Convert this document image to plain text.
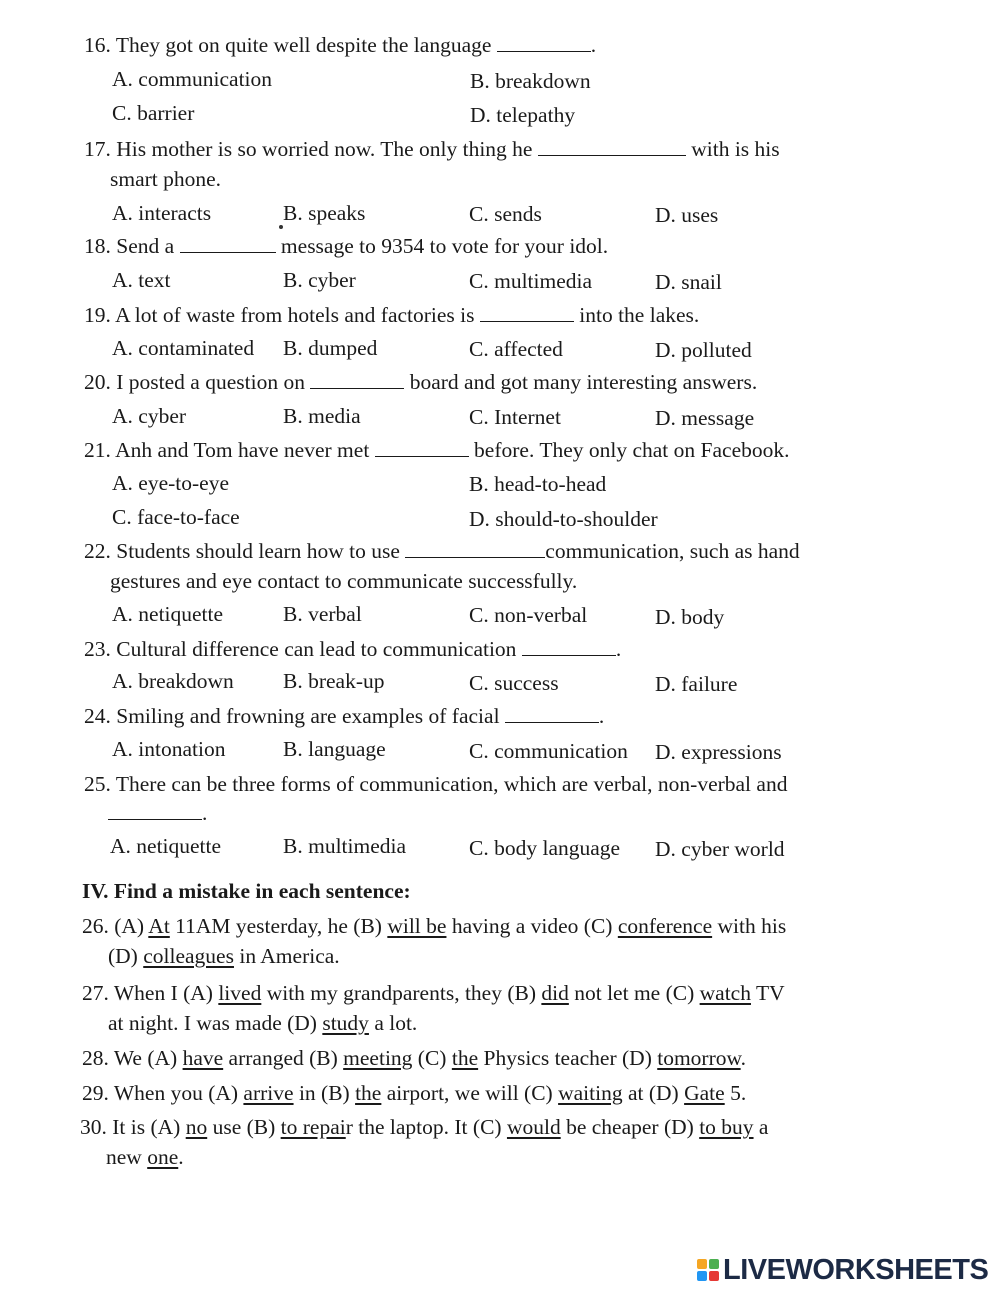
16. They got on quite well despite the language	.
A. communication	B. breakdown
C. barrier	D. telepathy
17. His mother is so worried now. The only thing he	with is his
smart phone.
A. interacts	B. speaks	C. sends	D. uses
18. Send a	message to 9354 to vote for your idol.
A. text	B. cyber	C. multimedia	D. snail
19. A lot of waste from hotels and factories is	into the lakes.
A. contaminated B. dumped	C. affected	D. polluted
20. I posted a question on	board and got many interesting answers.
A. cyber	B. media	C. Internet	D. message
21. Anh and Tom have never met	before. They only chat on Facebook.
A. eye-to-eye	B. head-to-head
C. face-to-face	D. should-to-shoulder
22. Students should learn how to use	communication, such as hand
gestures and eye contact to communicate successfully.
A. netiquette	B. verbal	C. non-verbal	D. body
23. Cultural difference can lead to communication	.
A. breakdown B. break-up	C. success	D. failure
24. Smiling and frowning are examples of facial	.
A. intonation	B. language	C. communication D. expressions
25. There can be three forms of communication, which are verbal, non-verbal and
.
A. netiquette	B. multimedia	C. body language D. cyber world
IV. Find a mistake in each sentence:
26. (A) At 11AM yesterday, he (B) will be having a video (C) conference with his
(D) colleagues in America.
27. When I (A) lived with my grandparents, they (B) did not let me (C) watch TV
at night. I was made (D) study a lot.
28. We (A) have arranged (B) meeting (C) the Physics teacher (D) tomorrow.
29. When you (A) arrive in (B) the airport, we will (C) waiting at (D) Gate 5.
30. It is (A) no use (B) to repair the laptop. It (C) would be cheaper (D) to buy a
new one.
LIVEWORKSHEETS
